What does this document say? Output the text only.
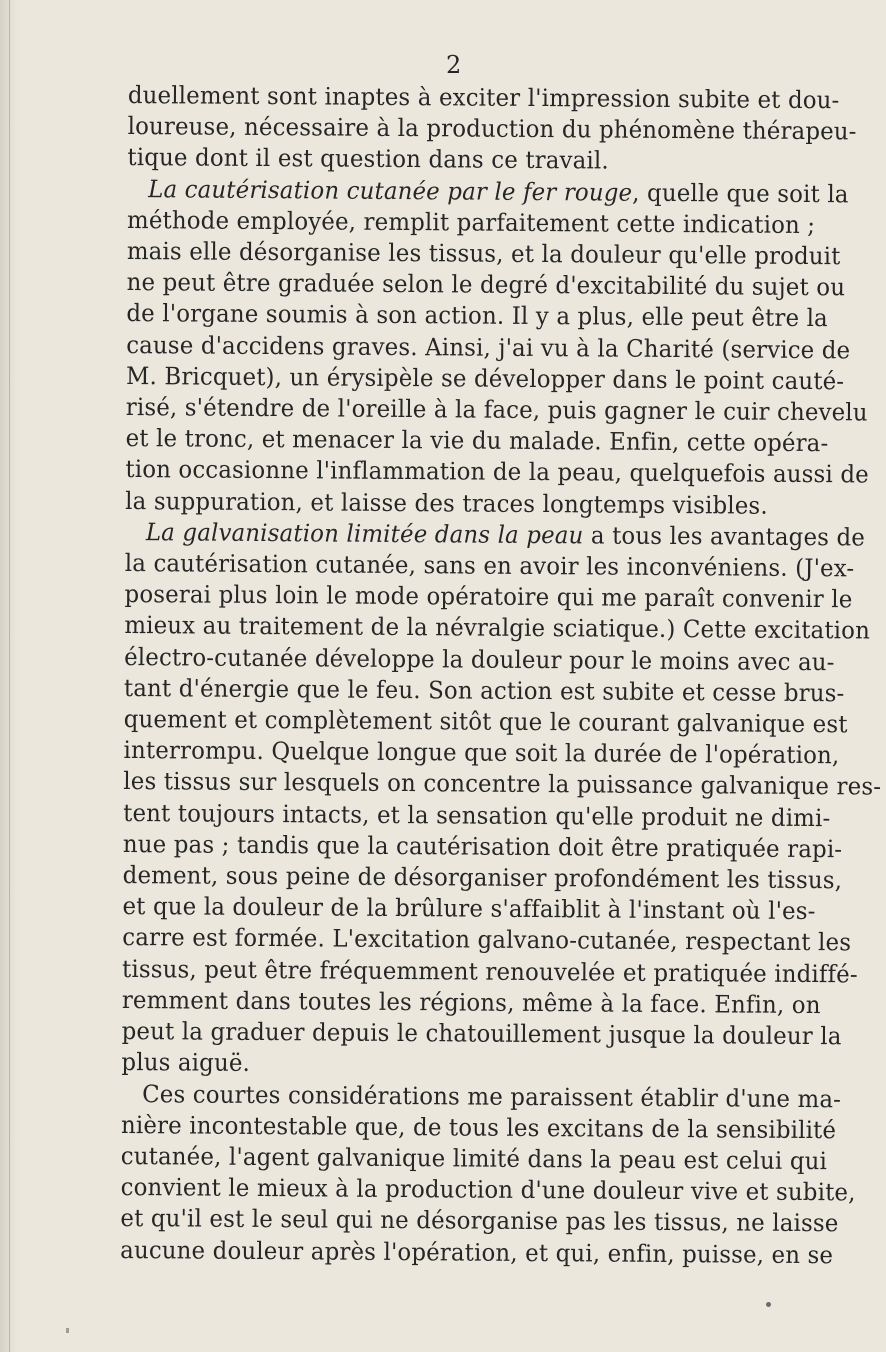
2
duellement sont inaptes à exciter l'impression subite et dou-
loureuse, nécessaire à la production du phénomène thérapeu-
tique dont il est question dans ce travail.
La cautérisation cutanée par le fer rouge, quelle que soit la
méthode employée, remplit parfaitement cette indication ;
mais elle désorganise les tissus, et la douleur qu'elle produit
ne peut être graduée selon le degré d'excitabilité du sujet ou
de l'organe soumis à son action. Il y a plus, elle peut être la
cause d'accidens graves. Ainsi, j'ai vu à la Charité (service de
M. Bricquet), un érysipèle se développer dans le point cauté-
risé, s'étendre de l'oreille à la face, puis gagner le cuir chevelu
et le tronc, et menacer la vie du malade. Enfin, cette opéra-
tion occasionne l'inflammation de la peau, quelquefois aussi de
la suppuration, et laisse des traces longtemps visibles.
La galvanisation limitée dans la peau a tous les avantages de
la cautérisation cutanée, sans en avoir les inconvéniens. (J'ex-
poserai plus loin le mode opératoire qui me paraît convenir le
mieux au traitement de la névralgie sciatique.) Cette excitation
électro-cutanée développe la douleur pour le moins avec au-
tant d'énergie que le feu. Son action est subite et cesse brus-
quement et complètement sitôt que le courant galvanique est
interrompu. Quelque longue que soit la durée de l'opération,
les tissus sur lesquels on concentre la puissance galvanique res-
tent toujours intacts, et la sensation qu'elle produit ne dimi-
nue pas ; tandis que la cautérisation doit être pratiquée rapi-
dement, sous peine de désorganiser profondément les tissus,
et que la douleur de la brûlure s'affaiblit à l'instant où l'es-
carre est formée. L'excitation galvano-cutanée, respectant les
tissus, peut être fréquemment renouvelée et pratiquée indiffé-
remment dans toutes les régions, même à la face. Enfin, on
peut la graduer depuis le chatouillement jusque la douleur la
plus aiguë.
Ces courtes considérations me paraissent établir d'une ma-
nière incontestable que, de tous les excitans de la sensibilité
cutanée, l'agent galvanique limité dans la peau est celui qui
convient le mieux à la production d'une douleur vive et subite,
et qu'il est le seul qui ne désorganise pas les tissus, ne laisse
aucune douleur après l'opération, et qui, enfin, puisse, en se
